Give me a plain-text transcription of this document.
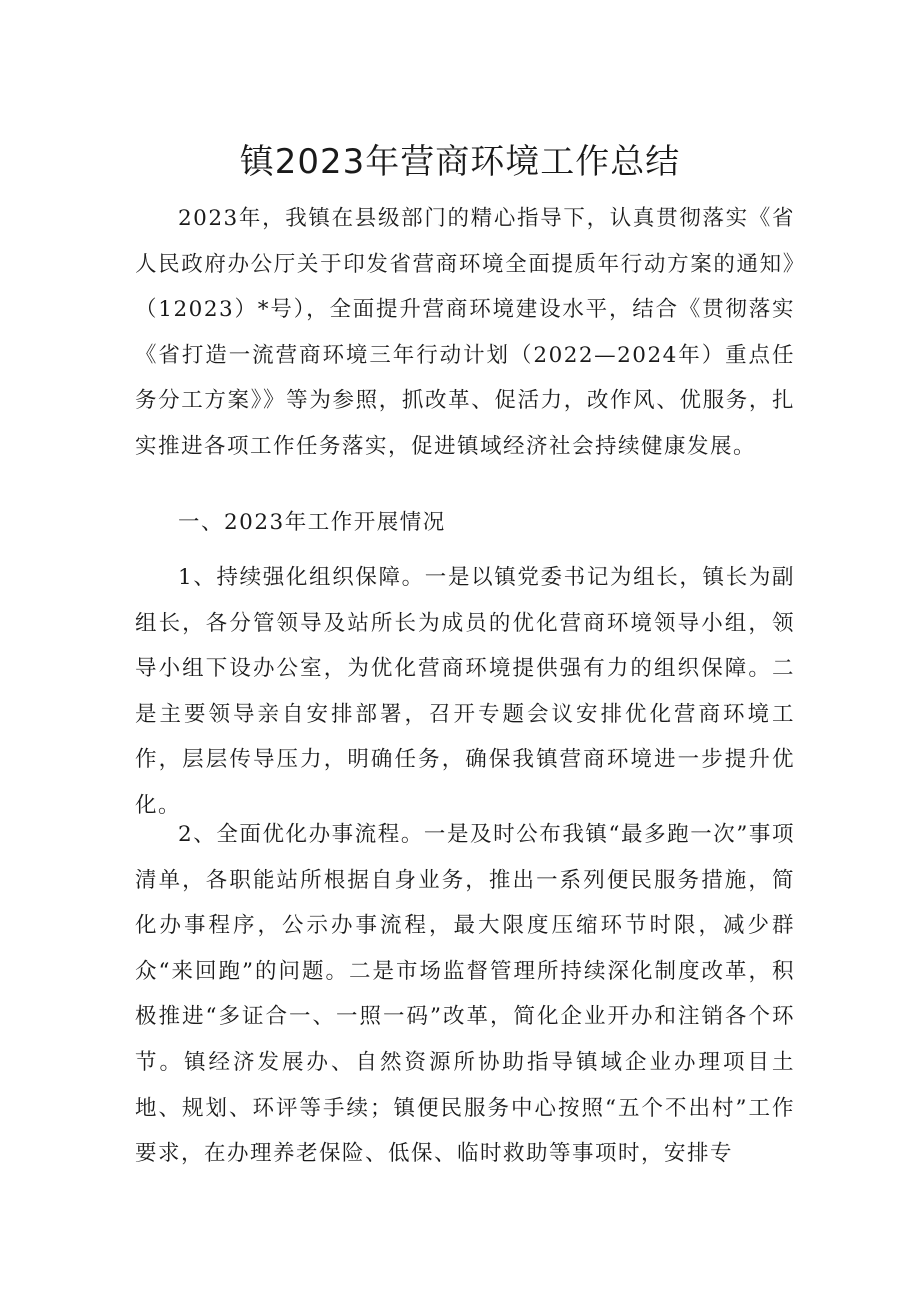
镇2023年营商环境工作总结

2023年，我镇在县级部门的精心指导下，认真贯彻落实《省人民政府办公厅关于印发省营商环境全面提质年行动方案的通知》（12023）*号），全面提升营商环境建设水平，结合《贯彻落实《省打造一流营商环境三年行动计划（2022—2024年）重点任务分工方案》》等为参照，抓改革、促活力，改作风、优服务，扎实推进各项工作任务落实，促进镇域经济社会持续健康发展。

一、2023年工作开展情况

1、持续强化组织保障。一是以镇党委书记为组长，镇长为副组长，各分管领导及站所长为成员的优化营商环境领导小组，领导小组下设办公室，为优化营商环境提供强有力的组织保障。二是主要领导亲自安排部署，召开专题会议安排优化营商环境工作，层层传导压力，明确任务，确保我镇营商环境进一步提升优化。

2、全面优化办事流程。一是及时公布我镇“最多跑一次”事项清单，各职能站所根据自身业务，推出一系列便民服务措施，简化办事程序，公示办事流程，最大限度压缩环节时限，减少群众“来回跑”的问题。二是市场监督管理所持续深化制度改革，积极推进“多证合一、一照一码”改革，简化企业开办和注销各个环节。镇经济发展办、自然资源所协助指导镇域企业办理项目土地、规划、环评等手续；镇便民服务中心按照“五个不出村”工作要求，在办理养老保险、低保、临时救助等事项时，安排专
